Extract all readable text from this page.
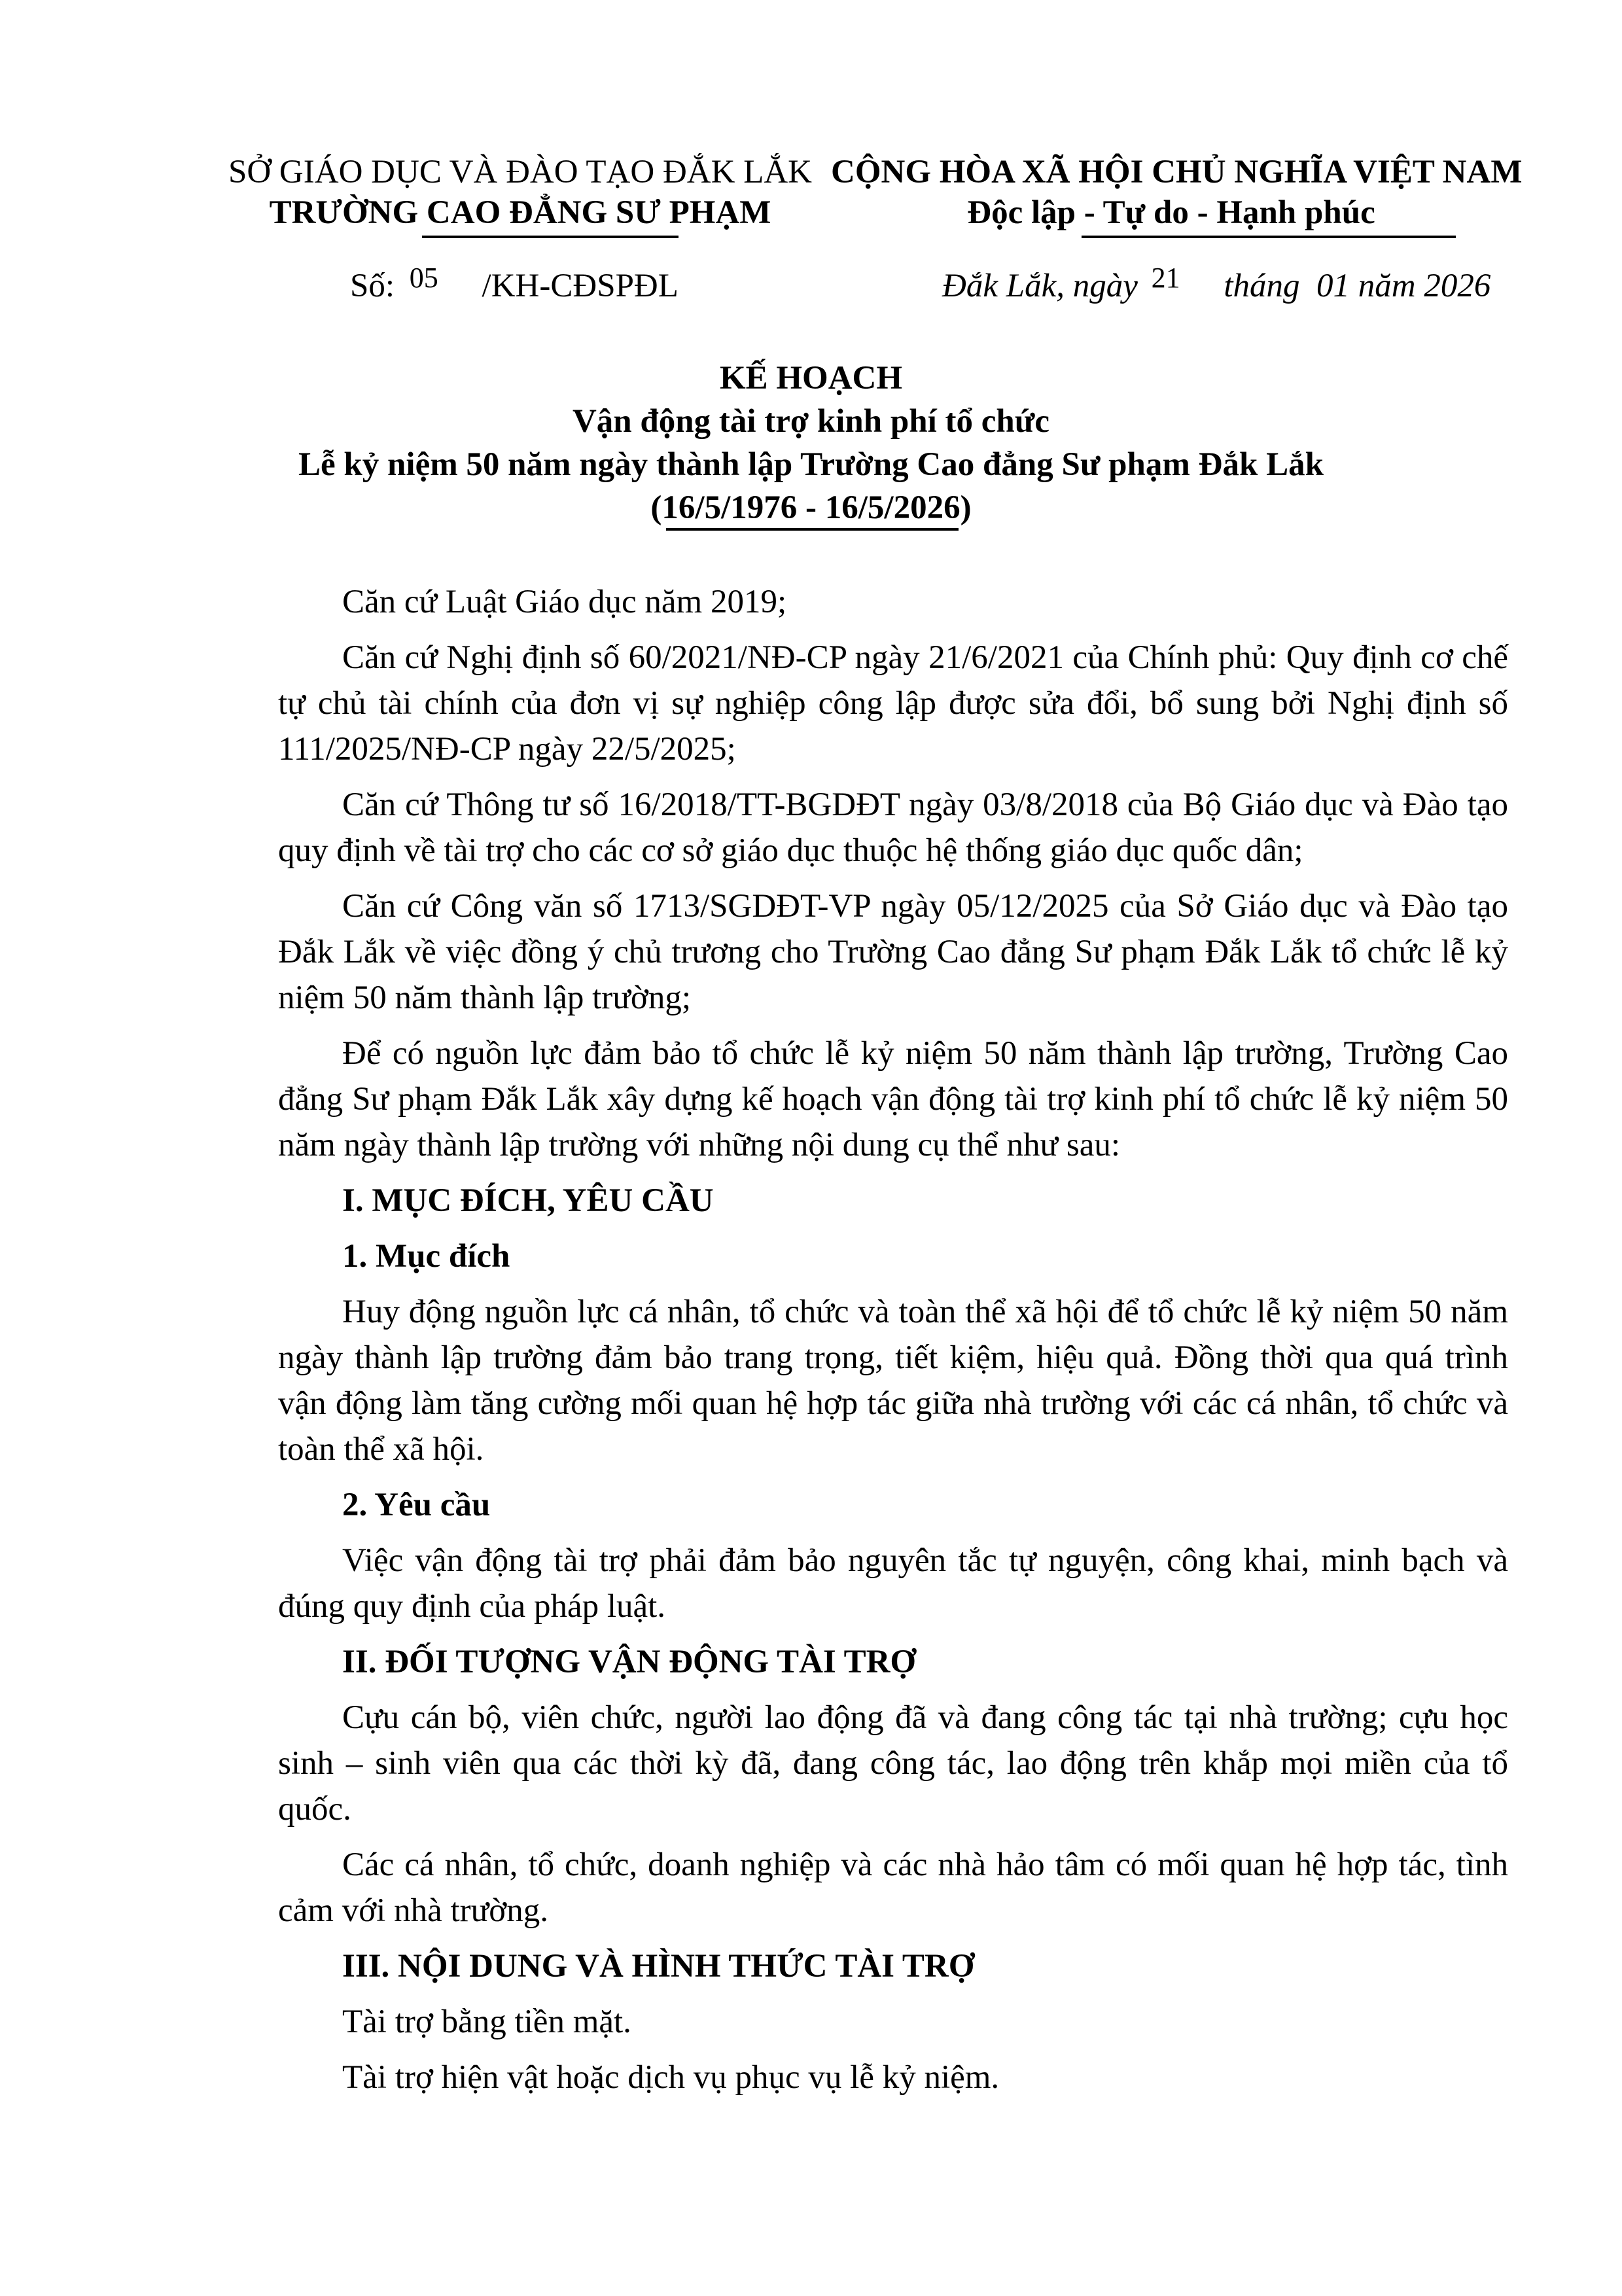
SỞ GIÁO DỤC VÀ ĐÀO TẠO ĐẮK LẮK
TRƯỜNG CAO ĐẲNG SƯ PHẠM
CỘNG HÒA XÃ HỘI CHỦ NGHĨA VIỆT NAM
Độc lập - Tự do - Hạnh phúc
Số: 05 /KH-CĐSPĐL	Đắk Lắk, ngày 21 tháng 01 năm 2026
KẾ HOẠCH
Vận động tài trợ kinh phí tổ chức
Lễ kỷ niệm 50 năm ngày thành lập Trường Cao đẳng Sư phạm Đắk Lắk
(16/5/1976 - 16/5/2026)

Căn cứ Luật Giáo dục năm 2019;

Căn cứ Nghị định số 60/2021/NĐ-CP ngày 21/6/2021 của Chính phủ: Quy định cơ chế tự chủ tài chính của đơn vị sự nghiệp công lập được sửa đổi, bổ sung bởi Nghị định số 111/2025/NĐ-CP ngày 22/5/2025;

Căn cứ Thông tư số 16/2018/TT-BGDĐT ngày 03/8/2018 của Bộ Giáo dục và Đào tạo quy định về tài trợ cho các cơ sở giáo dục thuộc hệ thống giáo dục quốc dân;

Căn cứ Công văn số 1713/SGDĐT-VP ngày 05/12/2025 của Sở Giáo dục và Đào tạo Đắk Lắk về việc đồng ý chủ trương cho Trường Cao đẳng Sư phạm Đắk Lắk tổ chức lễ kỷ niệm 50 năm thành lập trường;

Để có nguồn lực đảm bảo tổ chức lễ kỷ niệm 50 năm thành lập trường, Trường Cao đẳng Sư phạm Đắk Lắk xây dựng kế hoạch vận động tài trợ kinh phí tổ chức lễ kỷ niệm 50 năm ngày thành lập trường với những nội dung cụ thể như sau:

I. MỤC ĐÍCH, YÊU CẦU
1. Mục đích

Huy động nguồn lực cá nhân, tổ chức và toàn thể xã hội để tổ chức lễ kỷ niệm 50 năm ngày thành lập trường đảm bảo trang trọng, tiết kiệm, hiệu quả. Đồng thời qua quá trình vận động làm tăng cường mối quan hệ hợp tác giữa nhà trường với các cá nhân, tổ chức và toàn thể xã hội.

2. Yêu cầu

Việc vận động tài trợ phải đảm bảo nguyên tắc tự nguyện, công khai, minh bạch và đúng quy định của pháp luật.

II. ĐỐI TƯỢNG VẬN ĐỘNG TÀI TRỢ

Cựu cán bộ, viên chức, người lao động đã và đang công tác tại nhà trường; cựu học sinh – sinh viên qua các thời kỳ đã, đang công tác, lao động trên khắp mọi miền của tổ quốc.

Các cá nhân, tổ chức, doanh nghiệp và các nhà hảo tâm có mối quan hệ hợp tác, tình cảm với nhà trường.

III. NỘI DUNG VÀ HÌNH THỨC TÀI TRỢ
Tài trợ bằng tiền mặt.
Tài trợ hiện vật hoặc dịch vụ phục vụ lễ kỷ niệm.
